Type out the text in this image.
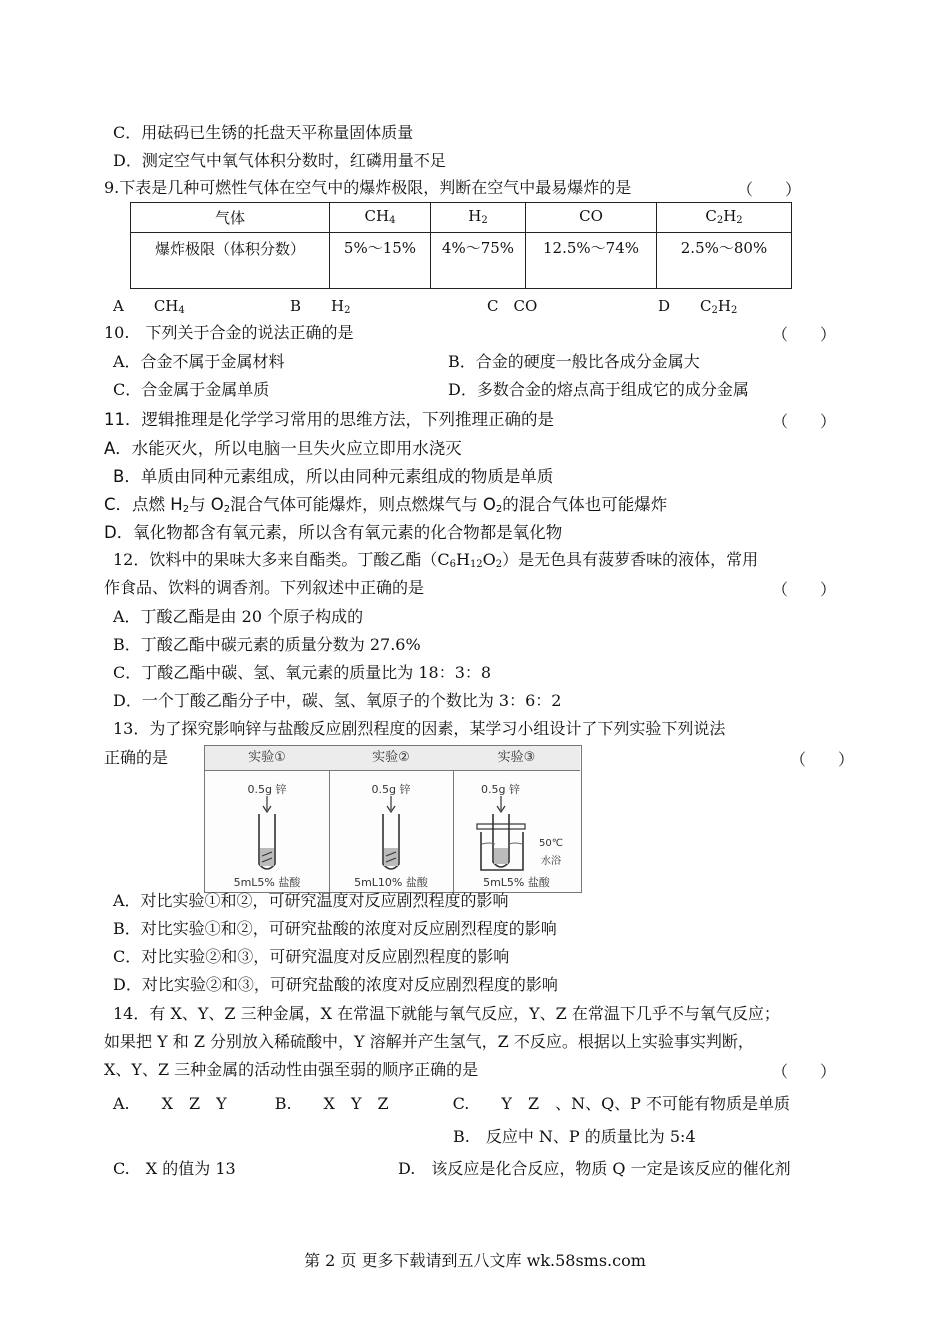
C．用砝码已生锈的托盘天平称量固体质量
D．测定空气中氧气体积分数时，红磷用量不足
9.下表是几种可燃性气体在空气中的爆炸极限，判断在空气中最易爆炸的是	（　　）
气体	$CH_4$	$H_2$	CO	$C_2H_2$
爆炸极限（体积分数）	5%～15%	4%～75%	12.5%～74%	2.5%～80%
A　　$CH_4$	B　　$H_2$	C　CO	D　　$C_2H_2$
10.　下列关于合金的说法正确的是	（　　）
A．合金不属于金属材料	B．合金的硬度一般比各成分金属大
C．合金属于金属单质	D．多数合金的熔点高于组成它的成分金属
11．逻辑推理是化学学习常用的思维方法，下列推理正确的是	（　　）
A．水能灭火，所以电脑一旦失火应立即用水浇灭
B．单质由同种元素组成，所以由同种元素组成的物质是单质
C．点燃 $H_2$与 $O_2$混合气体可能爆炸，则点燃煤气与 $O_2$的混合气体也可能爆炸
D．氧化物都含有氧元素，所以含有氧元素的化合物都是氧化物
12．饮料中的果味大多来自酯类。丁酸乙酯$(C_6H_{12}O_2)$是无色具有菠萝香味的液体，常用
作食品、饮料的调香剂。下列叙述中正确的是	（　　）
A．丁酸乙酯是由 20 个原子构成的
B．丁酸乙酯中碳元素的质量分数为 27.6%
C．丁酸乙酯中碳、氢、氧元素的质量比为 18：3：8
D．一个丁酸乙酯分子中，碳、氢、氧原子的个数比为 3：6：2
13．为了探究影响锌与盐酸反应剧烈程度的因素，某学习小组设计了下列实验下列说法
正确的是	（　　）
实验①
0.5g 锌
5mL5% 盐酸
实验②
0.5g 锌
5mL10% 盐酸
实验③
0.5g 锌
50℃
水浴
5mL5% 盐酸
A．对比实验①和②，可研究温度对反应剧烈程度的影响
B．对比实验①和②，可研究盐酸的浓度对反应剧烈程度的影响
C．对比实验②和③，可研究温度对反应剧烈程度的影响
D．对比实验②和③，可研究盐酸的浓度对反应剧烈程度的影响
14．有 X、Y、Z 三种金属，X 在常温下就能与氧气反应，Y、Z 在常温下几乎不与氧气反应；
如果把 Y 和 Z 分别放入稀硫酸中，Y 溶解并产生氢气，Z 不反应。根据以上实验事实判断，
X、Y、Z 三种金属的活动性由强至弱的顺序正确的是	（　　）
A.　　X　Z　Y　　　B.　　X　Y　Z　　　　C.　　Y　Z　、N、Q、P 不可能有物质是单质
B.　反应中 N、P 的质量比为 5:4
C.　X 的值为 13	D.　该反应是化合反应，物质 Q 一定是该反应的催化剂
第 2 页 更多下载请到五八文库 wk.58sms.com
